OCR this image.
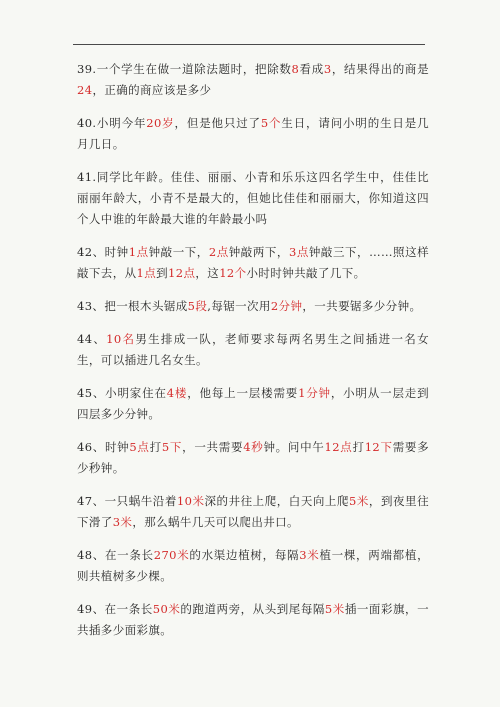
39.一个学生在做一道除法题时，把除数8看成3，结果得出的商是24，正确的商应该是多少

40.小明今年20岁，但是他只过了5个生日，请问小明的生日是几月几日。

41.同学比年龄。佳佳、丽丽、小青和乐乐这四名学生中，佳佳比丽丽年龄大，小青不是最大的，但她比佳佳和丽丽大，你知道这四个人中谁的年龄最大谁的年龄最小吗

42、时钟1点钟敲一下，2点钟敲两下，3点钟敲三下，……照这样敲下去，从1点到12点，这12个小时时钟共敲了几下。

43、把一根木头锯成5段,每锯一次用2分钟，一共要锯多少分钟。

44、10名男生排成一队，老师要求每两名男生之间插进一名女生，可以插进几名女生。

45、小明家住在4楼，他每上一层楼需要1分钟，小明从一层走到四层多少分钟。

46、时钟5点打5下，一共需要4秒钟。问中午12点打12下需要多少秒钟。

47、一只蜗牛沿着10米深的井往上爬，白天向上爬5米，到夜里往下滑了3米，那么蜗牛几天可以爬出井口。

48、在一条长270米的水渠边植树，每隔3米植一棵，两端都植，则共植树多少棵。

49、在一条长50米的跑道两旁，从头到尾每隔5米插一面彩旗，一共插多少面彩旗。
